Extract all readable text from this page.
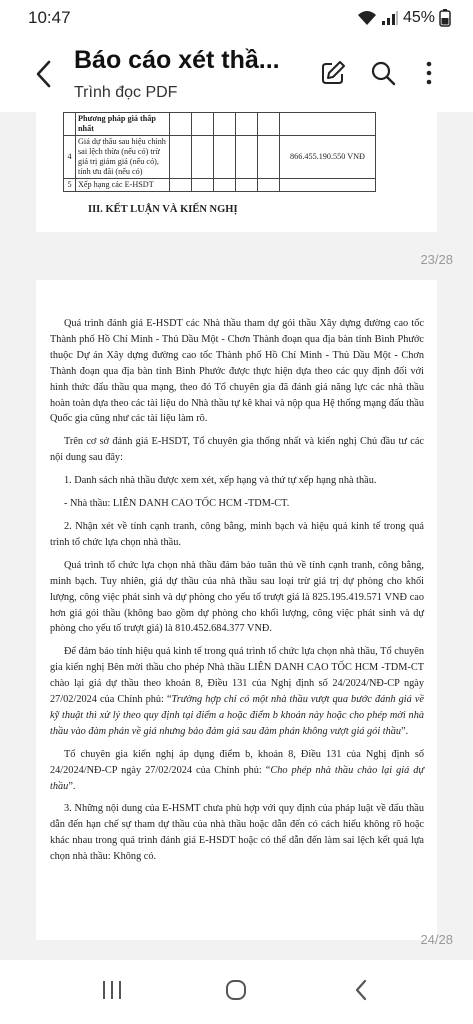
10:47	45%
Báo cáo xét thầ...
Trình đọc PDF
	Phương pháp giá thấp nhất						
4	Giá dự thầu sau hiệu chỉnh sai lệch thừa (nếu có) trừ giá trị giảm giá (nếu có), tính ưu đãi (nếu có)						866.455.190.550 VNĐ
5	Xếp hạng các E-HSDT						
III. KẾT LUẬN VÀ KIẾN NGHỊ
23/28

Quá trình đánh giá E-HSDT các Nhà thầu tham dự gói thầu Xây dựng đường cao tốc Thành phố Hồ Chí Minh - Thủ Dầu Một - Chơn Thành đoạn qua địa bàn tỉnh Bình Phước thuộc Dự án Xây dựng đường cao tốc Thành phố Hồ Chí Minh - Thủ Dầu Một - Chơn Thành đoạn qua địa bàn tỉnh Bình Phước được thực hiện dựa theo các quy định đối với hình thức đấu thầu qua mạng, theo đó Tổ chuyên gia đã đánh giá năng lực các nhà thầu hoàn toàn dựa theo các tài liệu do Nhà thầu tự kê khai và nộp qua Hệ thống mạng đấu thầu Quốc gia cũng như các tài liệu làm rõ.

Trên cơ sở đánh giá E-HSDT, Tổ chuyên gia thống nhất và kiến nghị Chủ đầu tư các nội dung sau đây:

1. Danh sách nhà thầu được xem xét, xếp hạng và thứ tự xếp hạng nhà thầu.

- Nhà thầu: LIÊN DANH CAO TỐC HCM -TDM-CT.

2. Nhận xét về tính cạnh tranh, công bằng, minh bạch và hiệu quả kinh tế trong quá trình tổ chức lựa chọn nhà thầu.

Quá trình tổ chức lựa chọn nhà thầu đảm bảo tuân thủ về tính cạnh tranh, công bằng, minh bạch. Tuy nhiên, giá dự thầu của nhà thầu sau loại trừ giá trị dự phòng cho khối lượng, công việc phát sinh và dự phòng cho yếu tố trượt giá là 825.195.419.571 VNĐ cao hơn giá gói thầu (không bao gồm dự phòng cho khối lượng, công việc phát sinh và dự phòng cho yếu tố trượt giá) là 810.452.684.377 VNĐ.

Để đảm bảo tính hiệu quả kinh tế trong quá trình tổ chức lựa chọn nhà thầu, Tổ chuyên gia kiến nghị Bên mời thầu cho phép Nhà thầu LIÊN DANH CAO TỐC HCM -TDM-CT chào lại giá dự thầu theo khoản 8, Điều 131 của Nghị định số 24/2024/NĐ-CP ngày 27/02/2024 của Chính phủ: “Trường hợp chỉ có một nhà thầu vượt qua bước đánh giá về kỹ thuật thì xử lý theo quy định tại điểm a hoặc điểm b khoản này hoặc cho phép mời nhà thầu vào đàm phán về giá nhưng bảo đảm giá sau đàm phán không vượt giá gói thầu”.

Tổ chuyên gia kiến nghị áp dụng điểm b, khoản 8, Điều 131 của Nghị định số 24/2024/NĐ-CP ngày 27/02/2024 của Chính phủ: “Cho phép nhà thầu chào lại giá dự thầu”.

3. Những nội dung của E-HSMT chưa phù hợp với quy định của pháp luật về đấu thầu dẫn đến hạn chế sự tham dự thầu của nhà thầu hoặc dẫn đến có cách hiểu không rõ hoặc khác nhau trong quá trình đánh giá E-HSDT hoặc có thể dẫn đến làm sai lệch kết quả lựa chọn nhà thầu: Không có.

24/28
